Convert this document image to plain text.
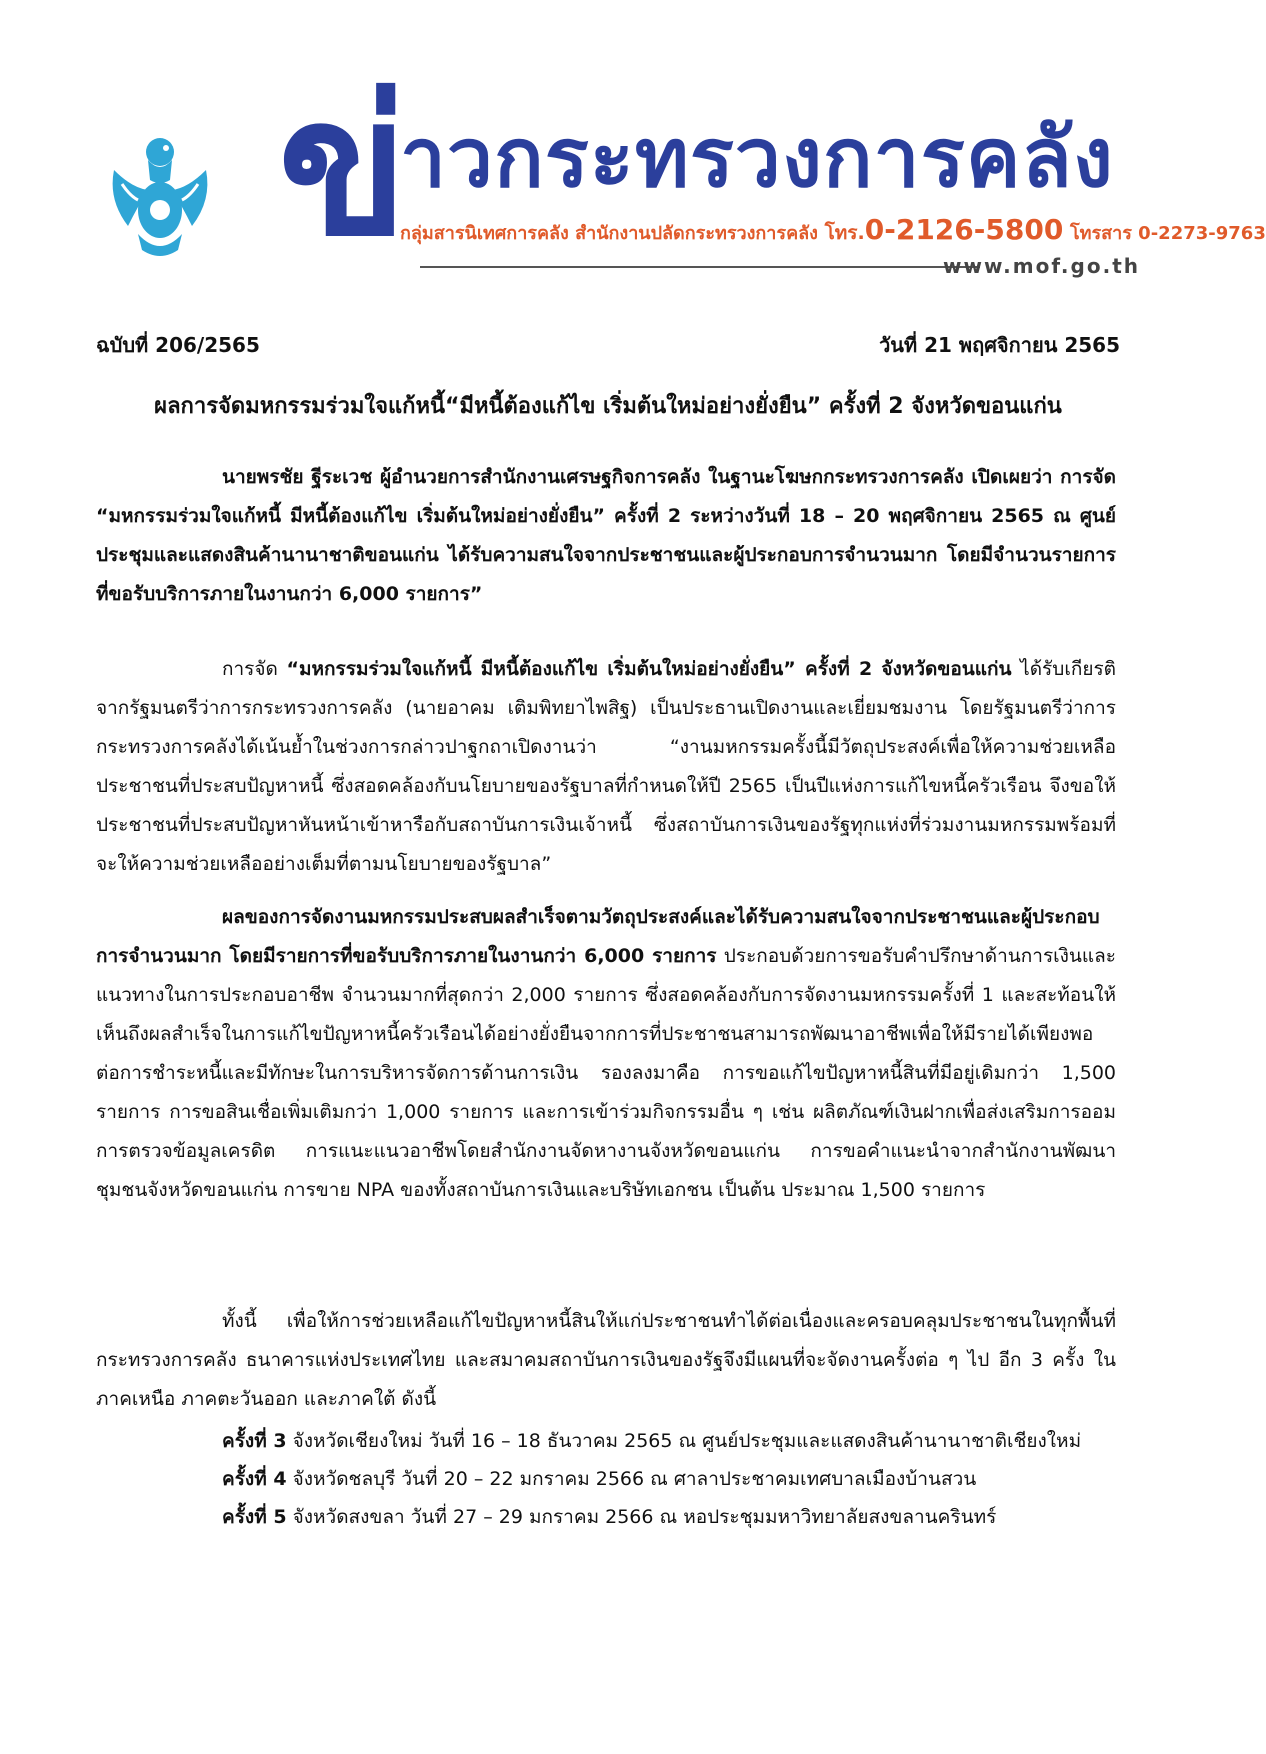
ข่
าวกระทรวงการคลัง
กลุ่มสารนิเทศการคลัง สำนักงานปลัดกระทรวงการคลัง โทร.0-2126-5800 โทรสาร 0-2273-9763
www.mof.go.th
ฉบับที่ 206/2565	วันที่ 21 พฤศจิกายน 2565
ผลการจัดมหกรรมร่วมใจแก้หนี้“มีหนี้ต้องแก้ไข เริ่มต้นใหม่อย่างยั่งยืน” ครั้งที่ 2 จังหวัดขอนแก่น

นายพรชัย ฐีระเวช ผู้อำนวยการสำนักงานเศรษฐกิจการคลัง ในฐานะโฆษกกระทรวงการคลัง เปิดเผยว่า การจัด “มหกรรมร่วมใจแก้หนี้ มีหนี้ต้องแก้ไข เริ่มต้นใหม่อย่างยั่งยืน” ครั้งที่ 2 ระหว่างวันที่ 18 – 20 พฤศจิกายน 2565 ณ ศูนย์ประชุมและแสดงสินค้านานาชาติขอนแก่น ได้รับความสนใจจากประชาชนและผู้ประกอบการจำนวนมาก โดยมีจำนวนรายการที่ขอรับบริการภายในงานกว่า 6,000 รายการ”

การจัด “มหกรรมร่วมใจแก้หนี้ มีหนี้ต้องแก้ไข เริ่มต้นใหม่อย่างยั่งยืน” ครั้งที่ 2 จังหวัดขอนแก่น ได้รับเกียรติจากรัฐมนตรีว่าการกระทรวงการคลัง (นายอาคม เติมพิทยาไพสิฐ) เป็นประธานเปิดงานและเยี่ยมชมงาน โดยรัฐมนตรีว่าการกระทรวงการคลังได้เน้นย้ำในช่วงการกล่าวปาฐกถาเปิดงานว่า “งานมหกรรมครั้งนี้มีวัตถุประสงค์เพื่อให้ความช่วยเหลือประชาชนที่ประสบปัญหาหนี้ ซึ่งสอดคล้องกับนโยบายของรัฐบาลที่กำหนดให้ปี 2565 เป็นปีแห่งการแก้ไขหนี้ครัวเรือน จึงขอให้ประชาชนที่ประสบปัญหาหันหน้าเข้าหารือกับสถาบันการเงินเจ้าหนี้ ซึ่งสถาบันการเงินของรัฐทุกแห่งที่ร่วมงานมหกรรมพร้อมที่จะให้ความช่วยเหลืออย่างเต็มที่ตามนโยบายของรัฐบาล”

ผลของการจัดงานมหกรรมประสบผลสำเร็จตามวัตถุประสงค์และได้รับความสนใจจากประชาชนและผู้ประกอบการจำนวนมาก โดยมีรายการที่ขอรับบริการภายในงานกว่า 6,000 รายการ ประกอบด้วยการขอรับคำปรึกษาด้านการเงินและแนวทางในการประกอบอาชีพ จำนวนมากที่สุดกว่า 2,000 รายการ ซึ่งสอดคล้องกับการจัดงานมหกรรมครั้งที่ 1 และสะท้อนให้เห็นถึงผลสำเร็จในการแก้ไขปัญหาหนี้ครัวเรือนได้อย่างยั่งยืนจากการที่ประชาชนสามารถพัฒนาอาชีพเพื่อให้มีรายได้เพียงพอต่อการชำระหนี้และมีทักษะในการบริหารจัดการด้านการเงิน รองลงมาคือ การขอแก้ไขปัญหาหนี้สินที่มีอยู่เดิมกว่า 1,500 รายการ การขอสินเชื่อเพิ่มเติมกว่า 1,000 รายการ และการเข้าร่วมกิจกรรมอื่น ๆ เช่น ผลิตภัณฑ์เงินฝากเพื่อส่งเสริมการออม การตรวจข้อมูลเครดิต การแนะแนวอาชีพโดยสำนักงานจัดหางานจังหวัดขอนแก่น การขอคำแนะนำจากสำนักงานพัฒนาชุมชนจังหวัดขอนแก่น การขาย NPA ของทั้งสถาบันการเงินและบริษัทเอกชน เป็นต้น ประมาณ 1,500 รายการ

ทั้งนี้ เพื่อให้การช่วยเหลือแก้ไขปัญหาหนี้สินให้แก่ประชาชนทำได้ต่อเนื่องและครอบคลุมประชาชนในทุกพื้นที่ กระทรวงการคลัง ธนาคารแห่งประเทศไทย และสมาคมสถาบันการเงินของรัฐจึงมีแผนที่จะจัดงานครั้งต่อ ๆ ไป อีก 3 ครั้ง ในภาคเหนือ ภาคตะวันออก และภาคใต้ ดังนี้

ครั้งที่ 3 จังหวัดเชียงใหม่ วันที่ 16 – 18 ธันวาคม 2565 ณ ศูนย์ประชุมและแสดงสินค้านานาชาติเชียงใหม่
ครั้งที่ 4 จังหวัดชลบุรี วันที่ 20 – 22 มกราคม 2566 ณ ศาลาประชาคมเทศบาลเมืองบ้านสวน
ครั้งที่ 5 จังหวัดสงขลา วันที่ 27 – 29 มกราคม 2566 ณ หอประชุมมหาวิทยาลัยสงขลานครินทร์
